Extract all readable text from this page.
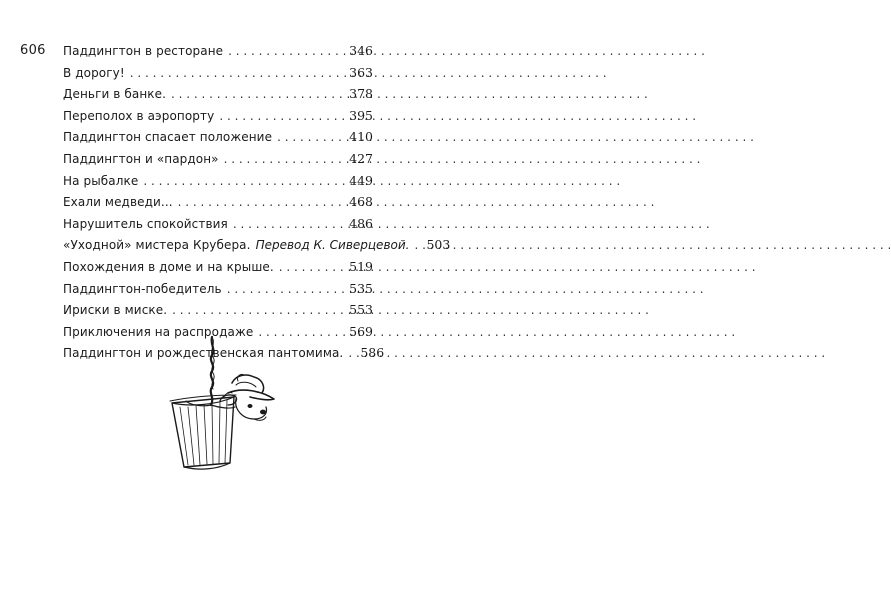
606 Паддингтон в ресторане . . .	346
В дорогу! . . .	363
Деньги в банке. . . .	378
Переполох в аэропорту . . .	395
Паддингтон спасает положение . . .	410
Паддингтон и «пардон» . . .	427
На рыбалке . . .	449
Ехали медведи... . . .	468
Нарушитель спокойствия . . .	486
«Уходной» мистера Крубера. Перевод К. Сиверцевой. . . . 503
Похождения в доме и на крыше. . . .	519
Паддингтон-победитель . . .	535
Ириски в миске. . . .	553
Приключения на распродаже . . .	569
Паддингтон и рождественская пантомима. . . . 586
